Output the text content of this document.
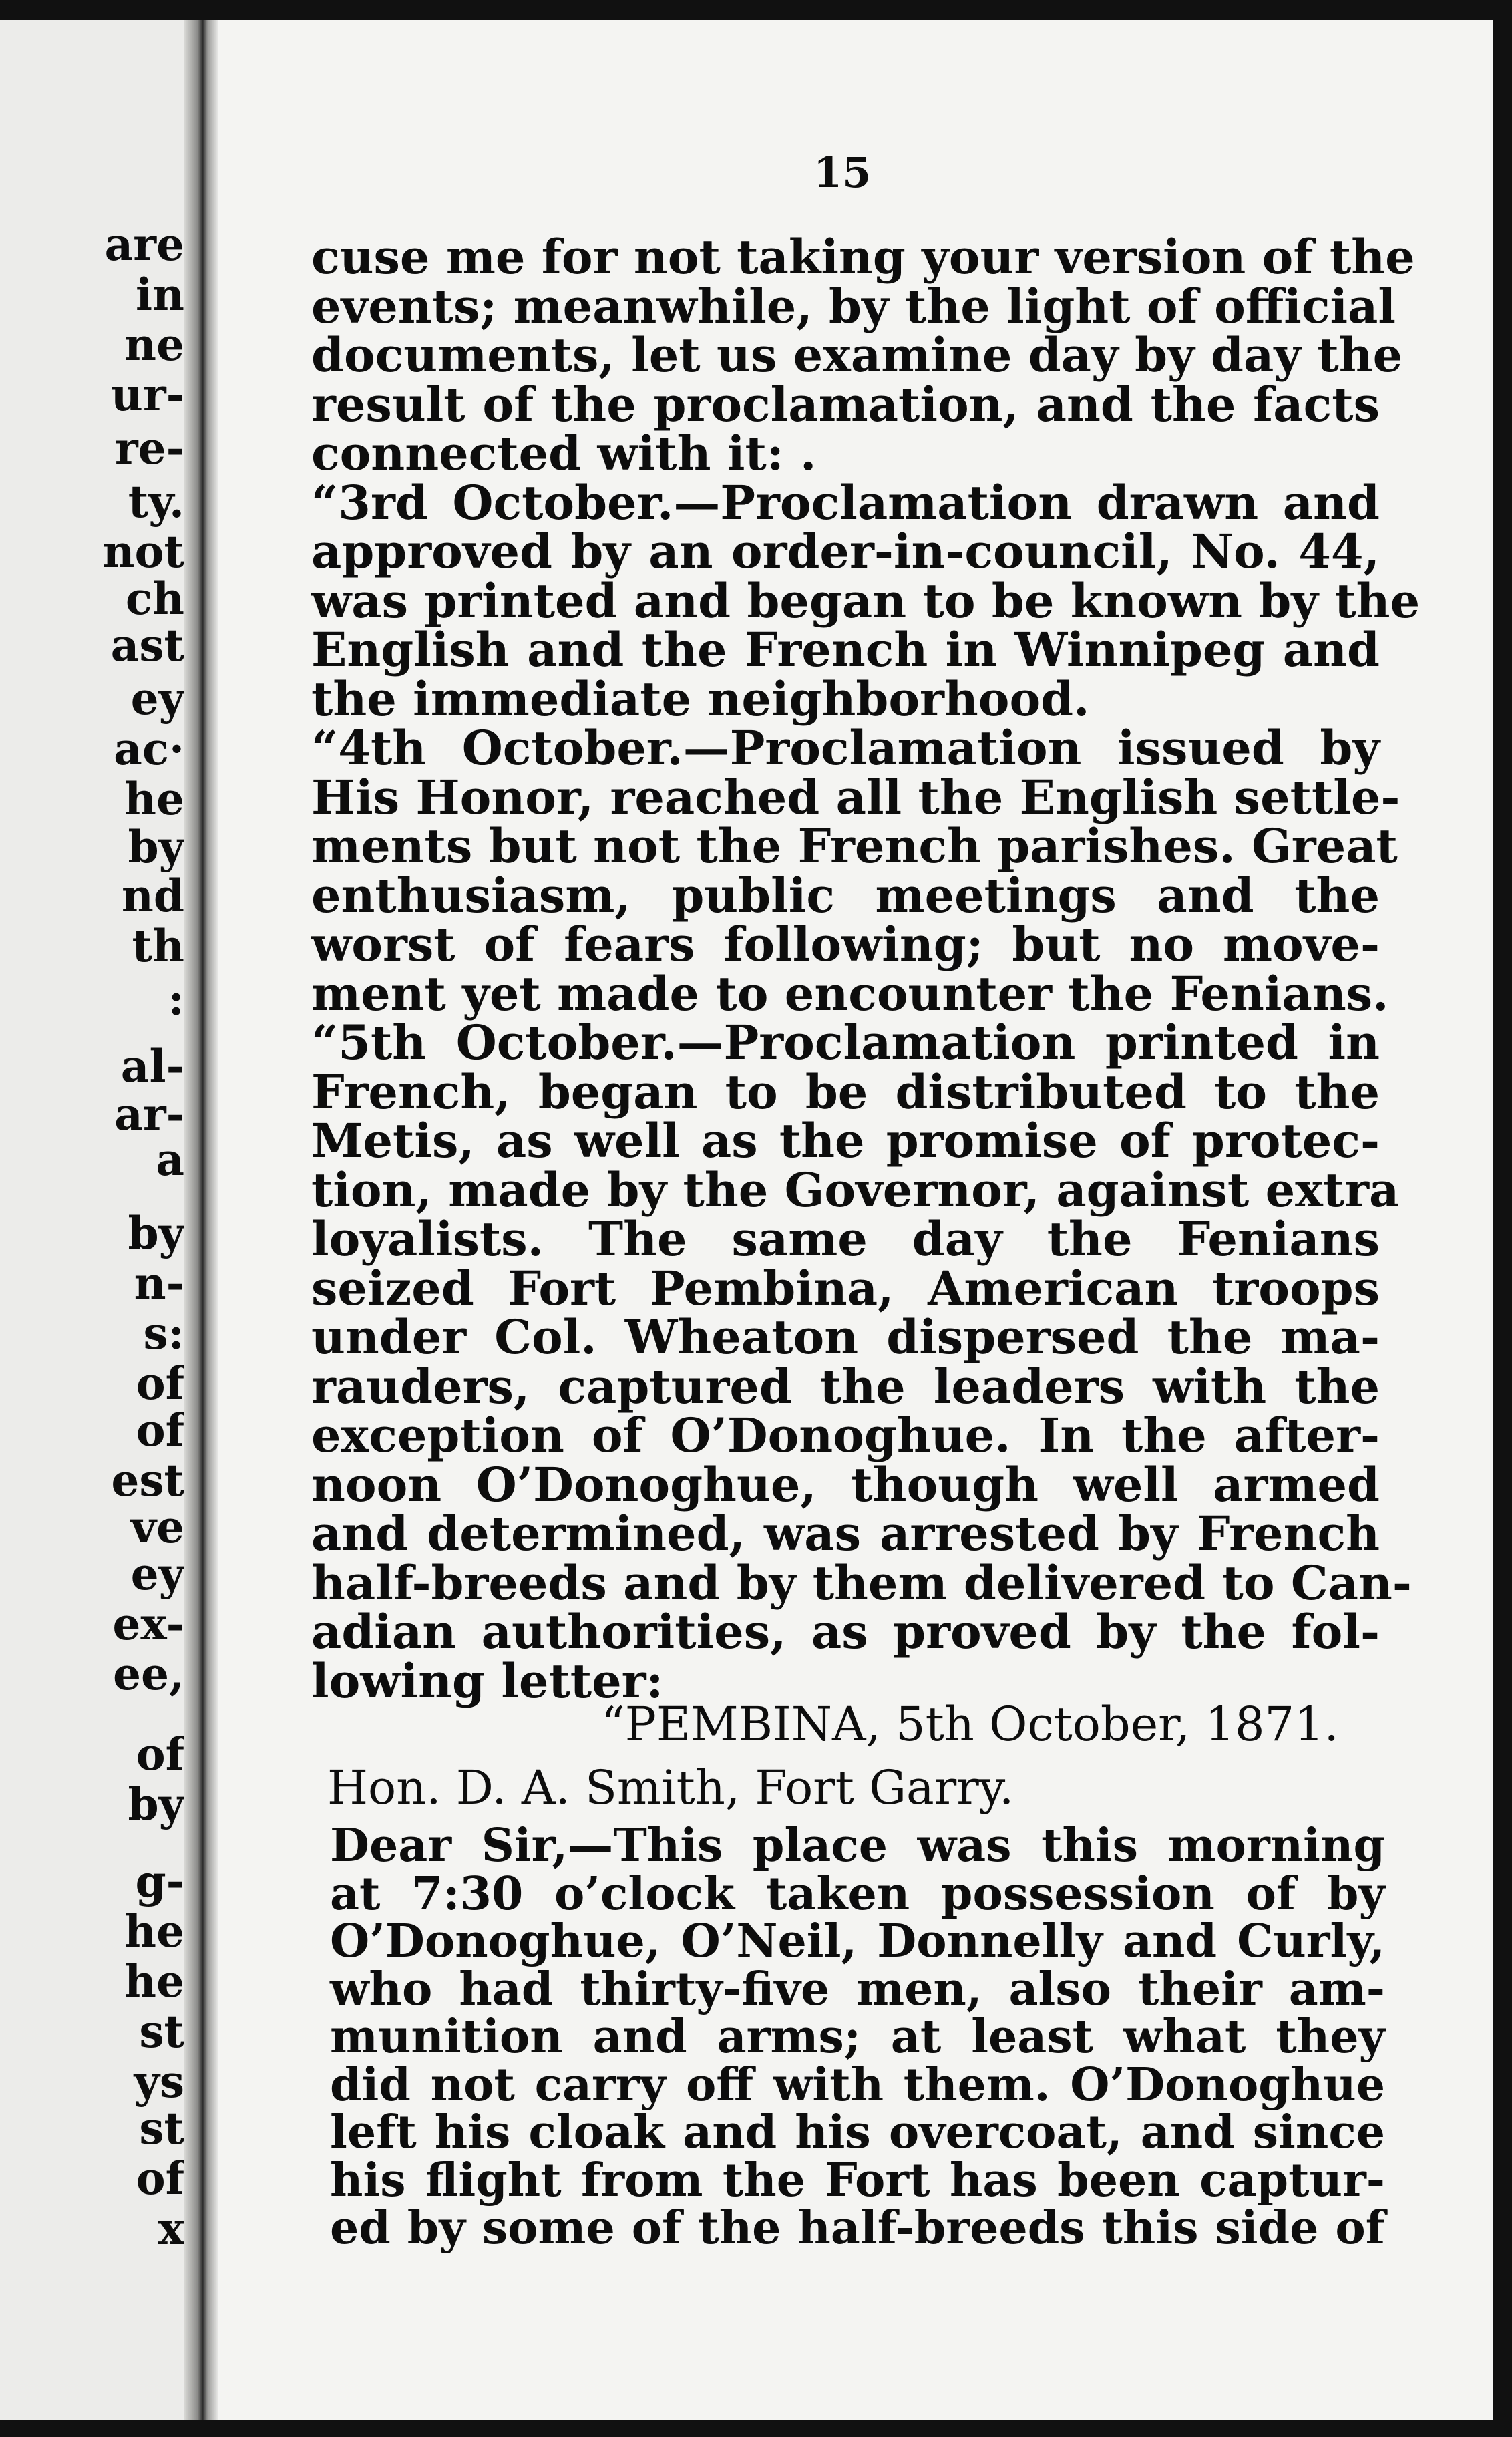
are
in
ne
ur-
re-
ty.
not
ch
ast
ey
ac·
he
by
nd
th
:
al-
ar-
a
by
n-
s:
of
of
est
ve
ey
ex-
ee,
of
by
g-
he
he
st
ys
st
of
x
15
cuse me for not taking your version of the
events; meanwhile, by the light of official
documents, let us examine day by day the
result of the proclamation, and the facts
connected with it: .
“3rd October.—Proclamation drawn and
approved by an order-in-council, No. 44,
was printed and began to be known by the
English and the French in Winnipeg and
the immediate neighborhood.
“4th October.—Proclamation issued by
His Honor, reached all the English settle-
ments but not the French parishes. Great
enthusiasm, public meetings and the
worst of fears following; but no move-
ment yet made to encounter the Fenians.
“5th October.—Proclamation printed in
French, began to be distributed to the
Metis, as well as the promise of protec-
tion, made by the Governor, against extra
loyalists. The same day the Fenians
seized Fort Pembina, American troops
under Col. Wheaton dispersed the ma-
rauders, captured the leaders with the
exception of O’Donoghue. In the after-
noon O’Donoghue, though well armed
and determined, was arrested by French
half-breeds and by them delivered to Can-
adian authorities, as proved by the fol-
lowing letter:
“PEMBINA, 5th October, 1871.
Hon. D. A. Smith, Fort Garry.
Dear Sir,—This place was this morning
at 7:30 o’clock taken possession of by
O’Donoghue, O’Neil, Donnelly and Curly,
who had thirty-five men, also their am-
munition and arms; at least what they
did not carry off with them. O’Donoghue
left his cloak and his overcoat, and since
his flight from the Fort has been captur-
ed by some of the half-breeds this side of
